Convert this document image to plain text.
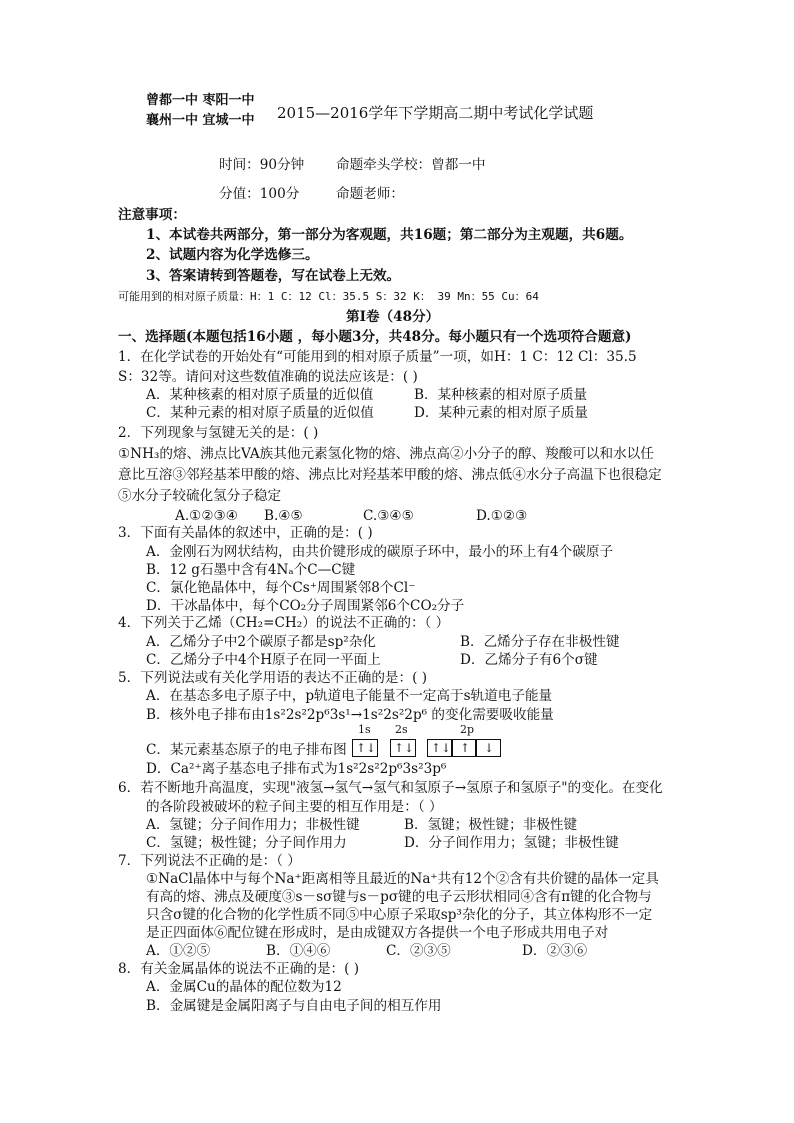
曾都一中 枣阳一中
襄州一中 宜城一中 2015—2016学年下学期高二期中考试化学试题
时间：90分钟 命题牵头学校：曾都一中
分值：100分	命题老师：
注意事项：
1、本试卷共两部分，第一部分为客观题，共16题；第二部分为主观题，共6题。
2、试题内容为化学选修三。
3、答案请转到答题卷，写在试卷上无效。
可能用到的相对原子质量：H：1 C：12 Cl：35.5 S：32 K： 39 Mn：55 Cu：64
第Ⅰ卷（48分）
一、选择题(本题包括16小题 ，每小题3分，共48分。每小题只有一个选项符合题意)
1．在化学试卷的开始处有“可能用到的相对原子质量”一项，如H：1 C：12 Cl：35.5
S：32等。请问对这些数值准确的说法应该是：( )
A．某种核素的相对原子质量的近似值	B．某种核素的相对原子质量
C．某种元素的相对原子质量的近似值	D．某种元素的相对原子质量
2．下列现象与氢键无关的是：( )
①NH₃的熔、沸点比VA族其他元素氢化物的熔、沸点高②小分子的醇、羧酸可以和水以任
意比互溶③邻羟基苯甲酸的熔、沸点比对羟基苯甲酸的熔、沸点低④水分子高温下也很稳定
⑤水分子较硫化氢分子稳定
A.①②③④ B.④⑤	C.③④⑤	D.①②③
3．下面有关晶体的叙述中，正确的是：( )
A．金刚石为网状结构，由共价键形成的碳原子环中，最小的环上有4个碳原子
B．12 g石墨中含有4Nₐ个C—C键
C．氯化铯晶体中，每个Cs⁺周围紧邻8个Cl⁻
D．干冰晶体中，每个CO₂分子周围紧邻6个CO₂分子
4．下列关于乙烯（CH₂=CH₂）的说法不正确的：（ ）
A．乙烯分子中2个碳原子都是sp²杂化	B．乙烯分子存在非极性键
C．乙烯分子中4个H原子在同一平面上	D．乙烯分子有6个σ键
5．下列说法或有关化学用语的表达不正确的是：( )
A．在基态多电子原子中，p轨道电子能量不一定高于s轨道电子能量
B．核外电子排布由1s²2s²2p⁶3s¹→1s²2s²2p⁶ 的变化需要吸收能量
1s 2s	2p
C．某元素基态原子的电子排布图 ↑↓ ↑↓ ↑↓ ↑ ↓
D．Ca²⁺离子基态电子排布式为1s²2s²2p⁶3s²3p⁶
6．若不断地升高温度，实现"液氢→氢气→氢气和氢原子→氢原子和氢原子"的变化。在变化
的各阶段被破坏的粒子间主要的相互作用是：（ ）
A．氢键；分子间作用力；非极性键	B．氢键；极性键；非极性键
C．氢键；极性键；分子间作用力	D．分子间作用力；氢键；非极性键
7．下列说法不正确的是：（ ）
①NaCl晶体中与每个Na⁺距离相等且最近的Na⁺共有12个②含有共价键的晶体一定具
有高的熔、沸点及硬度③s－sσ键与s－pσ键的电子云形状相同④含有π键的化合物与
只含σ键的化合物的化学性质不同⑤中心原子采取sp³杂化的分子，其立体构形不一定
是正四面体⑥配位键在形成时，是由成键双方各提供一个电子形成共用电子对
A．①②⑤	B．①④⑥	C．②③⑤	D．②③⑥
8．有关金属晶体的说法不正确的是：( )
A．金属Cu的晶体的配位数为12
B．金属键是金属阳离子与自由电子间的相互作用
